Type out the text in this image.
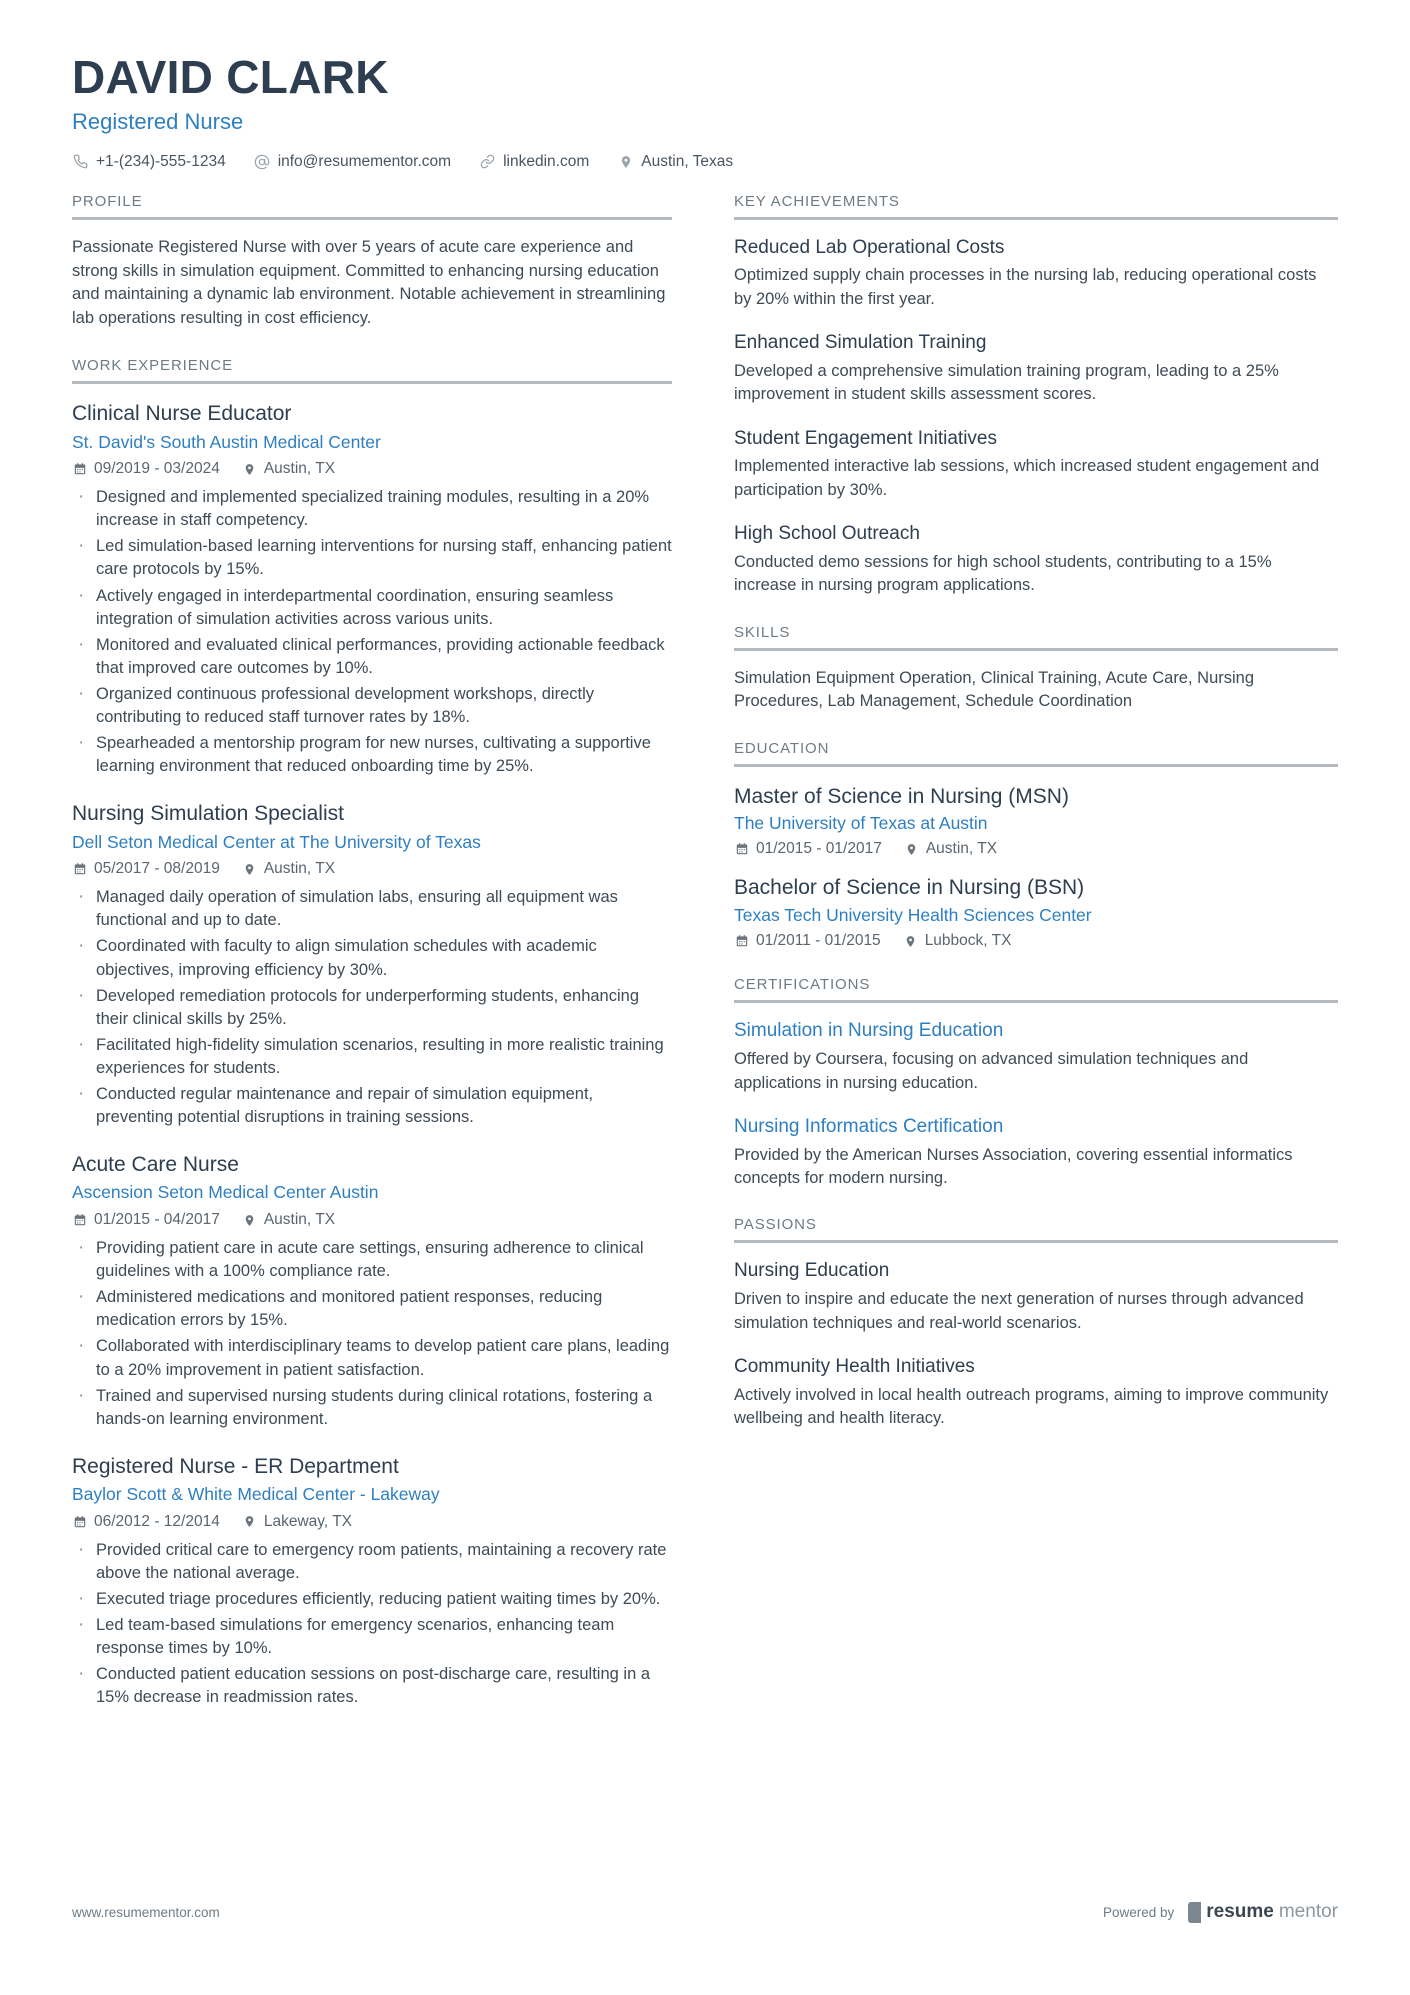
DAVID CLARK
Registered Nurse
+1-(234)-555-1234	info@resumementor.com	linkedin.com	Austin, Texas
PROFILE
Passionate Registered Nurse with over 5 years of acute care experience and strong skills in simulation equipment. Committed to enhancing nursing education and maintaining a dynamic lab environment. Notable achievement in streamlining lab operations resulting in cost efficiency.
WORK EXPERIENCE
Clinical Nurse Educator
St. David's South Austin Medical Center
09/2019 - 03/2024	Austin, TX
· Designed and implemented specialized training modules, resulting in a 20% increase in staff competency.
· Led simulation-based learning interventions for nursing staff, enhancing patient care protocols by 15%.
· Actively engaged in interdepartmental coordination, ensuring seamless integration of simulation activities across various units.
· Monitored and evaluated clinical performances, providing actionable feedback that improved care outcomes by 10%.
· Organized continuous professional development workshops, directly contributing to reduced staff turnover rates by 18%.
· Spearheaded a mentorship program for new nurses, cultivating a supportive learning environment that reduced onboarding time by 25%.
Nursing Simulation Specialist
Dell Seton Medical Center at The University of Texas
05/2017 - 08/2019	Austin, TX
· Managed daily operation of simulation labs, ensuring all equipment was functional and up to date.
· Coordinated with faculty to align simulation schedules with academic objectives, improving efficiency by 30%.
· Developed remediation protocols for underperforming students, enhancing their clinical skills by 25%.
· Facilitated high-fidelity simulation scenarios, resulting in more realistic training experiences for students.
· Conducted regular maintenance and repair of simulation equipment, preventing potential disruptions in training sessions.
Acute Care Nurse
Ascension Seton Medical Center Austin
01/2015 - 04/2017	Austin, TX
· Providing patient care in acute care settings, ensuring adherence to clinical guidelines with a 100% compliance rate.
· Administered medications and monitored patient responses, reducing medication errors by 15%.
· Collaborated with interdisciplinary teams to develop patient care plans, leading to a 20% improvement in patient satisfaction.
· Trained and supervised nursing students during clinical rotations, fostering a hands-on learning environment.
Registered Nurse - ER Department
Baylor Scott & White Medical Center - Lakeway
06/2012 - 12/2014	Lakeway, TX
· Provided critical care to emergency room patients, maintaining a recovery rate above the national average.
· Executed triage procedures efficiently, reducing patient waiting times by 20%.
· Led team-based simulations for emergency scenarios, enhancing team response times by 10%.
· Conducted patient education sessions on post-discharge care, resulting in a 15% decrease in readmission rates.
KEY ACHIEVEMENTS
Reduced Lab Operational Costs
Optimized supply chain processes in the nursing lab, reducing operational costs by 20% within the first year.
Enhanced Simulation Training
Developed a comprehensive simulation training program, leading to a 25% improvement in student skills assessment scores.
Student Engagement Initiatives
Implemented interactive lab sessions, which increased student engagement and participation by 30%.
High School Outreach
Conducted demo sessions for high school students, contributing to a 15% increase in nursing program applications.
SKILLS
Simulation Equipment Operation, Clinical Training, Acute Care, Nursing Procedures, Lab Management, Schedule Coordination
EDUCATION
Master of Science in Nursing (MSN)
The University of Texas at Austin
01/2015 - 01/2017	Austin, TX
Bachelor of Science in Nursing (BSN)
Texas Tech University Health Sciences Center
01/2011 - 01/2015	Lubbock, TX
CERTIFICATIONS
Simulation in Nursing Education
Offered by Coursera, focusing on advanced simulation techniques and applications in nursing education.
Nursing Informatics Certification
Provided by the American Nurses Association, covering essential informatics concepts for modern nursing.
PASSIONS
Nursing Education
Driven to inspire and educate the next generation of nurses through advanced simulation techniques and real-world scenarios.
Community Health Initiatives
Actively involved in local health outreach programs, aiming to improve community wellbeing and health literacy.
www.resumementor.com	Powered by resume mentor
